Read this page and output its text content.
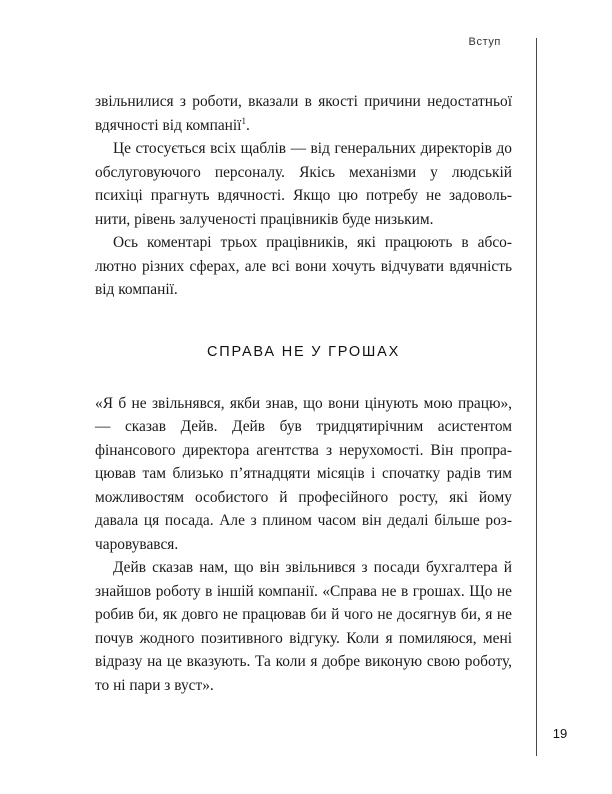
Вступ
19

звільнилися з роботи, вказали в якості причини недостатньої вдячності від компанії$^1$.

Це стосується всіх щаблів — від генеральних директорів до обслуговуючого персоналу. Якісь механізми у людській психіці прагнуть вдячності. Якщо цю потребу не задовольнити, рівень залученості працівників буде низьким.

Ось коментарі трьох працівників, які працюють в абсолютно різних сферах, але всі вони хочуть відчувати вдячність від компанії.

СПРАВА НЕ У ГРОШАХ

«Я б не звільнявся, якби знав, що вони цінують мою працю», — сказав Дейв. Дейв був тридцятирічним асистентом фінансового директора агентства з нерухомості. Він пропрацював там близько п’ятнадцяти місяців і спочатку радів тим можливостям особистого й професійного росту, які йому давала ця посада. Але з плином часом він дедалі більше розчаровувався.

Дейв сказав нам, що він звільнився з посади бухгалтера й знайшов роботу в іншій компанії. «Справа не в грошах. Що не робив би, як довго не працював би й чого не досягнув би, я не почув жодного позитивного відгуку. Коли я помиляюся, мені відразу на це вказують. Та коли я добре виконую свою роботу, то ні пари з вуст».
